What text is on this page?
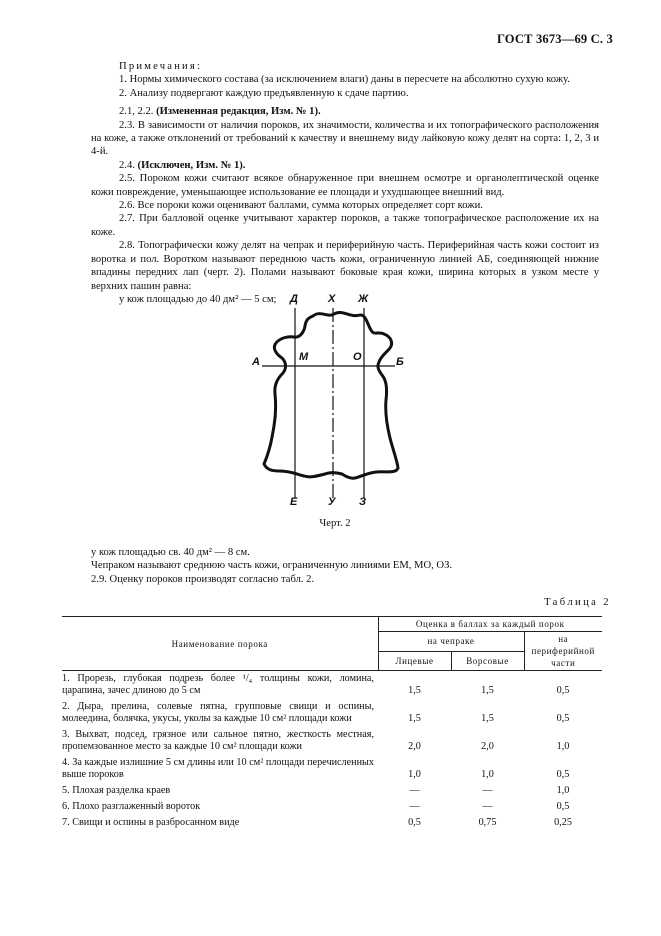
ГОСТ 3673—69 С. 3

Примечания:

1. Нормы химического состава (за исключением влаги) даны в пересчете на абсолютно сухую кожу.

2. Анализу подвергают каждую предъявленную к сдаче партию.

2.1, 2.2. (Измененная редакция, Изм. № 1).

2.3. В зависимости от наличия пороков, их значимости, количества и их топографического расположения на коже, а также отклонений от требований к качеству и внешнему виду лайковую кожу делят на сорта: 1, 2, 3 и 4-й.

2.4. (Исключен, Изм. № 1).

2.5. Пороком кожи считают всякое обнаруженное при внешнем осмотре и органолептической оценке кожи повреждение, уменьшающее использование ее площади и ухудшающее внешний вид.

2.6. Все пороки кожи оценивают баллами, сумма которых определяет сорт кожи.

2.7. При балловой оценке учитывают характер пороков, а также топографическое расположение их на коже.

2.8. Топографически кожу делят на чепрак и периферийную часть. Периферийная часть кожи состоит из воротка и пол. Воротком называют переднюю часть кожи, ограниченную линией АБ, соединяющей нижние впадины передних лап (черт. 2). Полами называют боковые края кожи, ширина которых в узком месте у верхних пашин равна:

у кож площадью до 40 дм² — 5 см;

А	Б
Д	Х Ж
М	О
Е	У З
Черт. 2

у кож площадью св. 40 дм² — 8 см.

Чепраком называют среднюю часть кожи, ограниченную линиями ЕМ, МО, ОЗ.

2.9. Оценку пороков производят согласно табл. 2.

Таблица 2
Наименование порока	Оценка в баллах за каждый порок		
	на чепраке		на периферийной части
	Лицевые	Ворсовые	
1. Прорезь, глубокая подрезь более ¹/₄ толщины кожи, ломина, царапина, зачес длиною до 5 см	1,5	1,5	0,5
2. Дыра, прелина, солевые пятна, групповые свищи и оспины, молеедина, болячка, укусы, уколы за каждые 10 см² площади кожи	1,5	1,5	0,5
3. Выхват, подсед, грязное или сальное пятно, жесткость местная, пропемзованное место за каждые 10 см² площади кожи	2,0	2,0	1,0
4. За каждые излишние 5 см длины или 10 см² площади перечисленных выше пороков	1,0	1,0	0,5
5. Плохая разделка краев	—	—	1,0
6. Плохо разглаженный вороток	—	—	0,5
7. Свищи и оспины в разбросанном виде	0,5	0,75	0,25
